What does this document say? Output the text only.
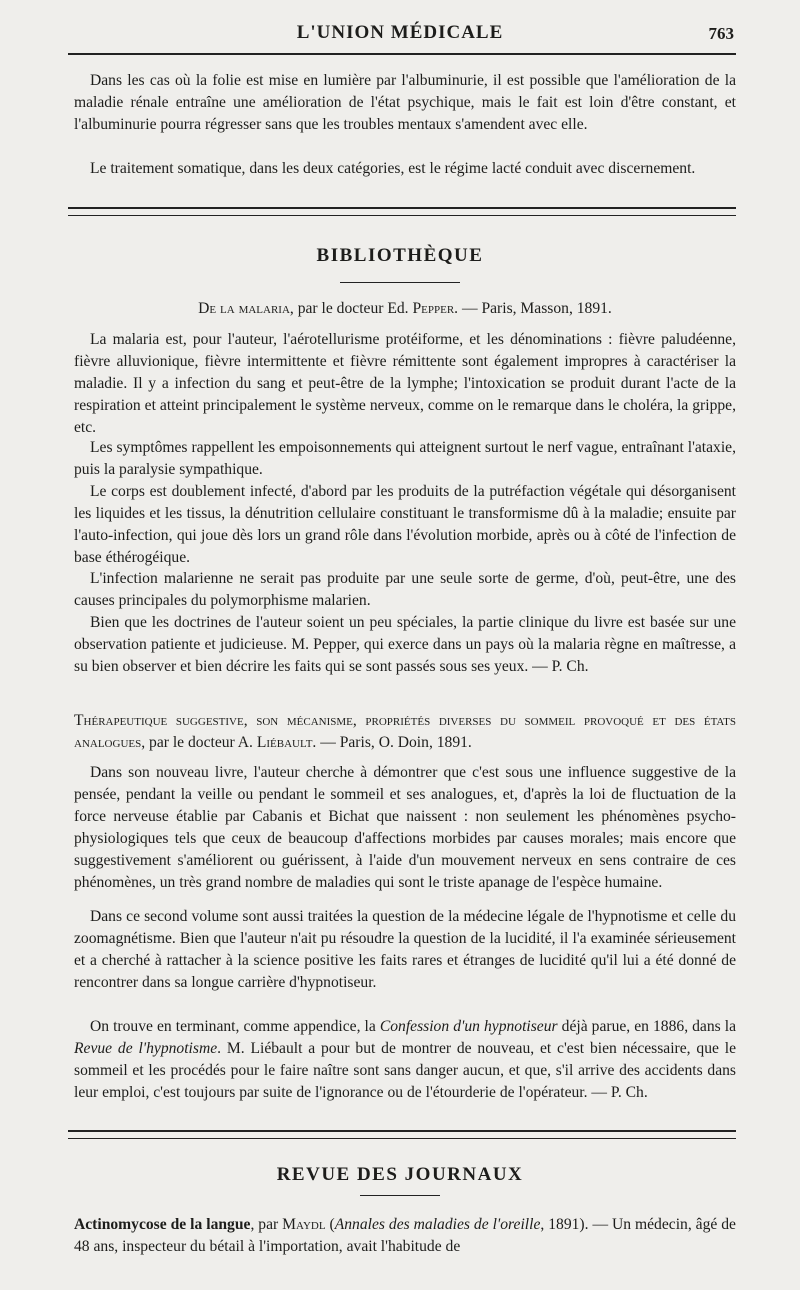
L'UNION MÉDICALE	763

Dans les cas où la folie est mise en lumière par l'albuminurie, il est possible que l'amélioration de la maladie rénale entraîne une amélioration de l'état psychique, mais le fait est loin d'être constant, et l'albuminurie pourra régresser sans que les troubles mentaux s'amendent avec elle.

Le traitement somatique, dans les deux catégories, est le régime lacté conduit avec discernement.

BIBLIOTHÈQUE

De la malaria, par le docteur Ed. Pepper. — Paris, Masson, 1891.

La malaria est, pour l'auteur, l'aérotellurisme protéiforme, et les dénominations : fièvre paludéenne, fièvre alluvionique, fièvre intermittente et fièvre rémittente sont également impropres à caractériser la maladie. Il y a infection du sang et peut-être de la lymphe; l'intoxication se produit durant l'acte de la respiration et atteint principalement le système nerveux, comme on le remarque dans le choléra, la grippe, etc.

Les symptômes rappellent les empoisonnements qui atteignent surtout le nerf vague, entraînant l'ataxie, puis la paralysie sympathique.

Le corps est doublement infecté, d'abord par les produits de la putréfaction végétale qui désorganisent les liquides et les tissus, la dénutrition cellulaire constituant le transformisme dû à la maladie; ensuite par l'auto-infection, qui joue dès lors un grand rôle dans l'évolution morbide, après ou à côté de l'infection de base éthérogéique.

L'infection malarienne ne serait pas produite par une seule sorte de germe, d'où, peut-être, une des causes principales du polymorphisme malarien.

Bien que les doctrines de l'auteur soient un peu spéciales, la partie clinique du livre est basée sur une observation patiente et judicieuse. M. Pepper, qui exerce dans un pays où la malaria règne en maîtresse, a su bien observer et bien décrire les faits qui se sont passés sous ses yeux. — P. Ch.

Thérapeutique suggestive, son mécanisme, propriétés diverses du sommeil provoqué et des états analogues, par le docteur A. Liébault. — Paris, O. Doin, 1891.

Dans son nouveau livre, l'auteur cherche à démontrer que c'est sous une influence suggestive de la pensée, pendant la veille ou pendant le sommeil et ses analogues, et, d'après la loi de fluctuation de la force nerveuse établie par Cabanis et Bichat que naissent : non seulement les phénomènes psycho-physiologiques tels que ceux de beaucoup d'affections morbides par causes morales; mais encore que suggestivement s'améliorent ou guérissent, à l'aide d'un mouvement nerveux en sens contraire de ces phénomènes, un très grand nombre de maladies qui sont le triste apanage de l'espèce humaine.

Dans ce second volume sont aussi traitées la question de la médecine légale de l'hypnotisme et celle du zoomagnétisme. Bien que l'auteur n'ait pu résoudre la question de la lucidité, il l'a examinée sérieusement et a cherché à rattacher à la science positive les faits rares et étranges de lucidité qu'il lui a été donné de rencontrer dans sa longue carrière d'hypnotiseur.

On trouve en terminant, comme appendice, la Confession d'un hypnotiseur déjà parue, en 1886, dans la Revue de l'hypnotisme. M. Liébault a pour but de montrer de nouveau, et c'est bien nécessaire, que le sommeil et les procédés pour le faire naître sont sans danger aucun, et que, s'il arrive des accidents dans leur emploi, c'est toujours par suite de l'ignorance ou de l'étourderie de l'opérateur. — P. Ch.

REVUE DES JOURNAUX

Actinomycose de la langue, par Maydl (Annales des maladies de l'oreille, 1891). — Un médecin, âgé de 48 ans, inspecteur du bétail à l'importation, avait l'habitude de
